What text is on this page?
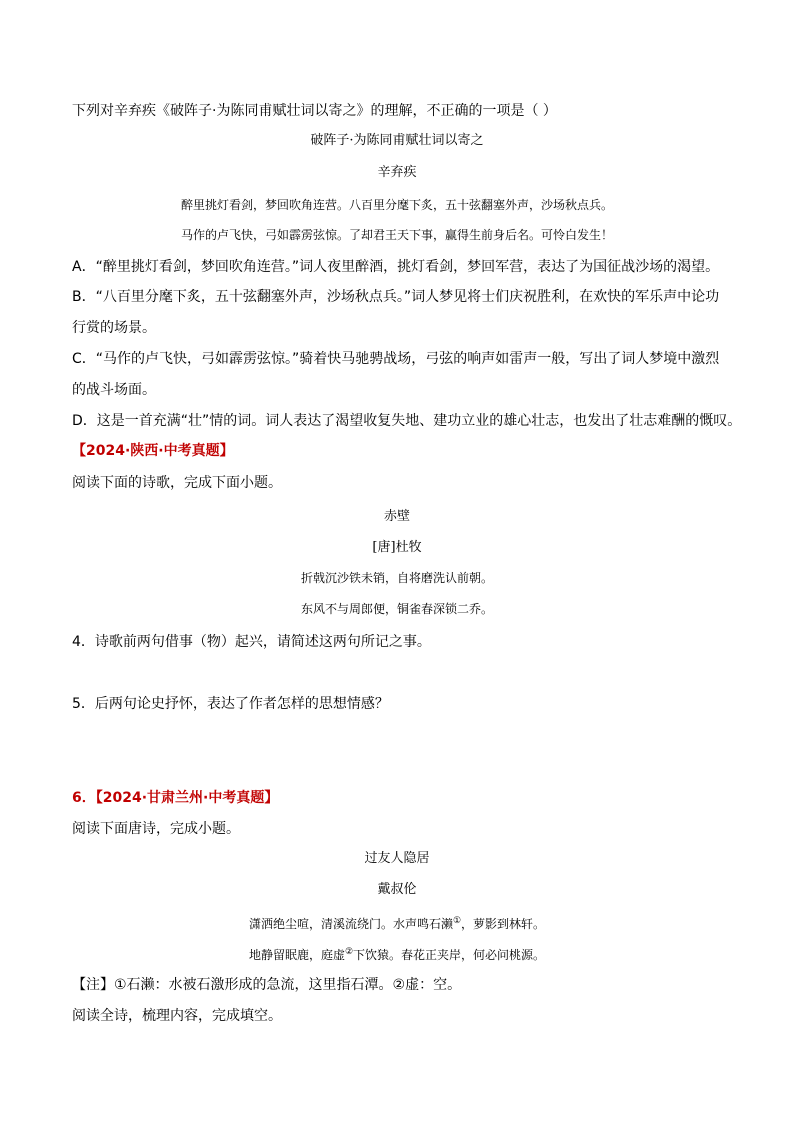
下列对辛弃疾《破阵子·为陈同甫赋壮词以寄之》的理解，不正确的一项是（ ）
破阵子·为陈同甫赋壮词以寄之
辛弃疾
醉里挑灯看剑，梦回吹角连营。八百里分麾下炙，五十弦翻塞外声，沙场秋点兵。
马作的卢飞快，弓如霹雳弦惊。了却君王天下事，赢得生前身后名。可怜白发生！
A．“醉里挑灯看剑，梦回吹角连营。”词人夜里醉酒，挑灯看剑，梦回军营，表达了为国征战沙场的渴望。
B．“八百里分麾下炙，五十弦翻塞外声，沙场秋点兵。”词人梦见将士们庆祝胜利，在欢快的军乐声中论功
行赏的场景。
C．“马作的卢飞快，弓如霹雳弦惊。”骑着快马驰骋战场，弓弦的响声如雷声一般，写出了词人梦境中激烈
的战斗场面。
D．这是一首充满“壮”情的词。词人表达了渴望收复失地、建功立业的雄心壮志，也发出了壮志难酬的慨叹。
【2024·陕西·中考真题】
阅读下面的诗歌，完成下面小题。
赤壁
[唐]杜牧
折戟沉沙铁未销，自将磨洗认前朝。
东风不与周郎便，铜雀春深锁二乔。
4．诗歌前两句借事（物）起兴，请简述这两句所记之事。
5．后两句论史抒怀，表达了作者怎样的思想情感？
6．【2024·甘肃兰州·中考真题】
阅读下面唐诗，完成小题。
过友人隐居
戴叔伦
潇洒绝尘喧，清溪流绕门。水声鸣石濑①，萝影到林轩。
地静留眠鹿，庭虚②下饮猿。春花正夹岸，何必问桃源。
【注】①石濑：水被石激形成的急流，这里指石潭。②虚：空。
阅读全诗，梳理内容，完成填空。
